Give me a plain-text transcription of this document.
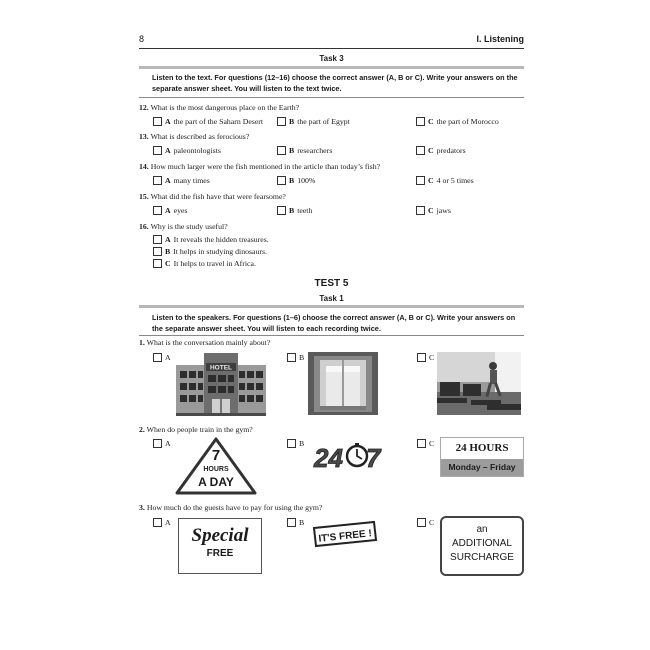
8	I. Listening
Task 3
Listen to the text. For questions (12–16) choose the correct answer (A, B or C). Write your answers on the separate answer sheet. You will listen to the text twice.
12. What is the most dangerous place on the Earth?
A the part of the Saharn Desert	B the part of Egypt	C the part of Morocco
13. What is described as ferocious?
A paleontologists	B researchers	C predators
14. How much larger were the fish mentioned in the article than today’s fish?
A many times	B 100%	C 4 or 5 times
15. What did the fish have that were fearsome?
A eyes	B teeth	C jaws
16. Why is the study useful?
A It reveals the hidden treasures.
B It helps in studying dinosaurs.
C It helps to travel in Africa.
TEST 5
Task 1
Listen to the speakers. For questions (1–6) choose the correct answer (A, B or C). Write your answers on the separate answer sheet. You will listen to each recording twice.
1. What is the conversation mainly about?
A	B	C
HOTEL
2. When do people train in the gym?
A	B	C
7
HOURS
A DAY
24 7	24 HOURS
Monday – Friday
3. How much do the guests have to pay for using the gym?
A	B	C
Special
FREE
IT'S FREE !	an
ADDITIONAL
SURCHARGE
